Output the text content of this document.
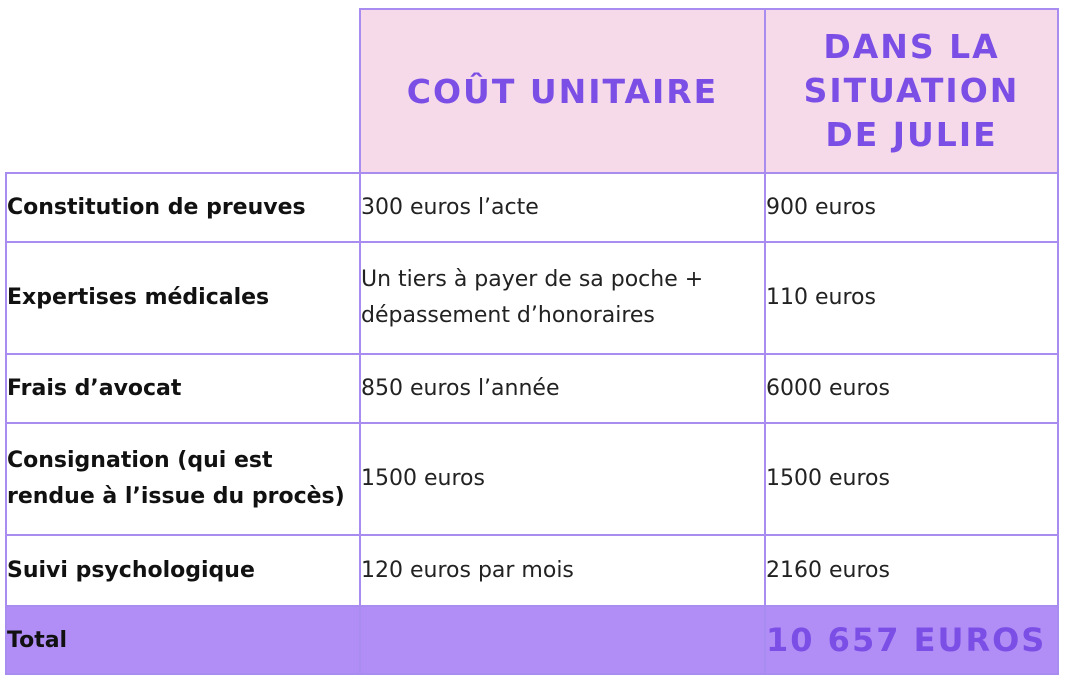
	COÛT UNITAIRE	DANS LA
SITUATION
DE JULIE

Constitution de preuves	300 euros l’acte	900 euros

Expertises médicales	Un tiers à payer de sa poche +
dépassement d’honoraires	110 euros

Frais d’avocat	850 euros l’année	6000 euros

Consignation (qui est
rendue à l’issue du procès)	1500 euros	1500 euros

Suivi psychologique	120 euros par mois	2160 euros
Total		10 657 EUROS
